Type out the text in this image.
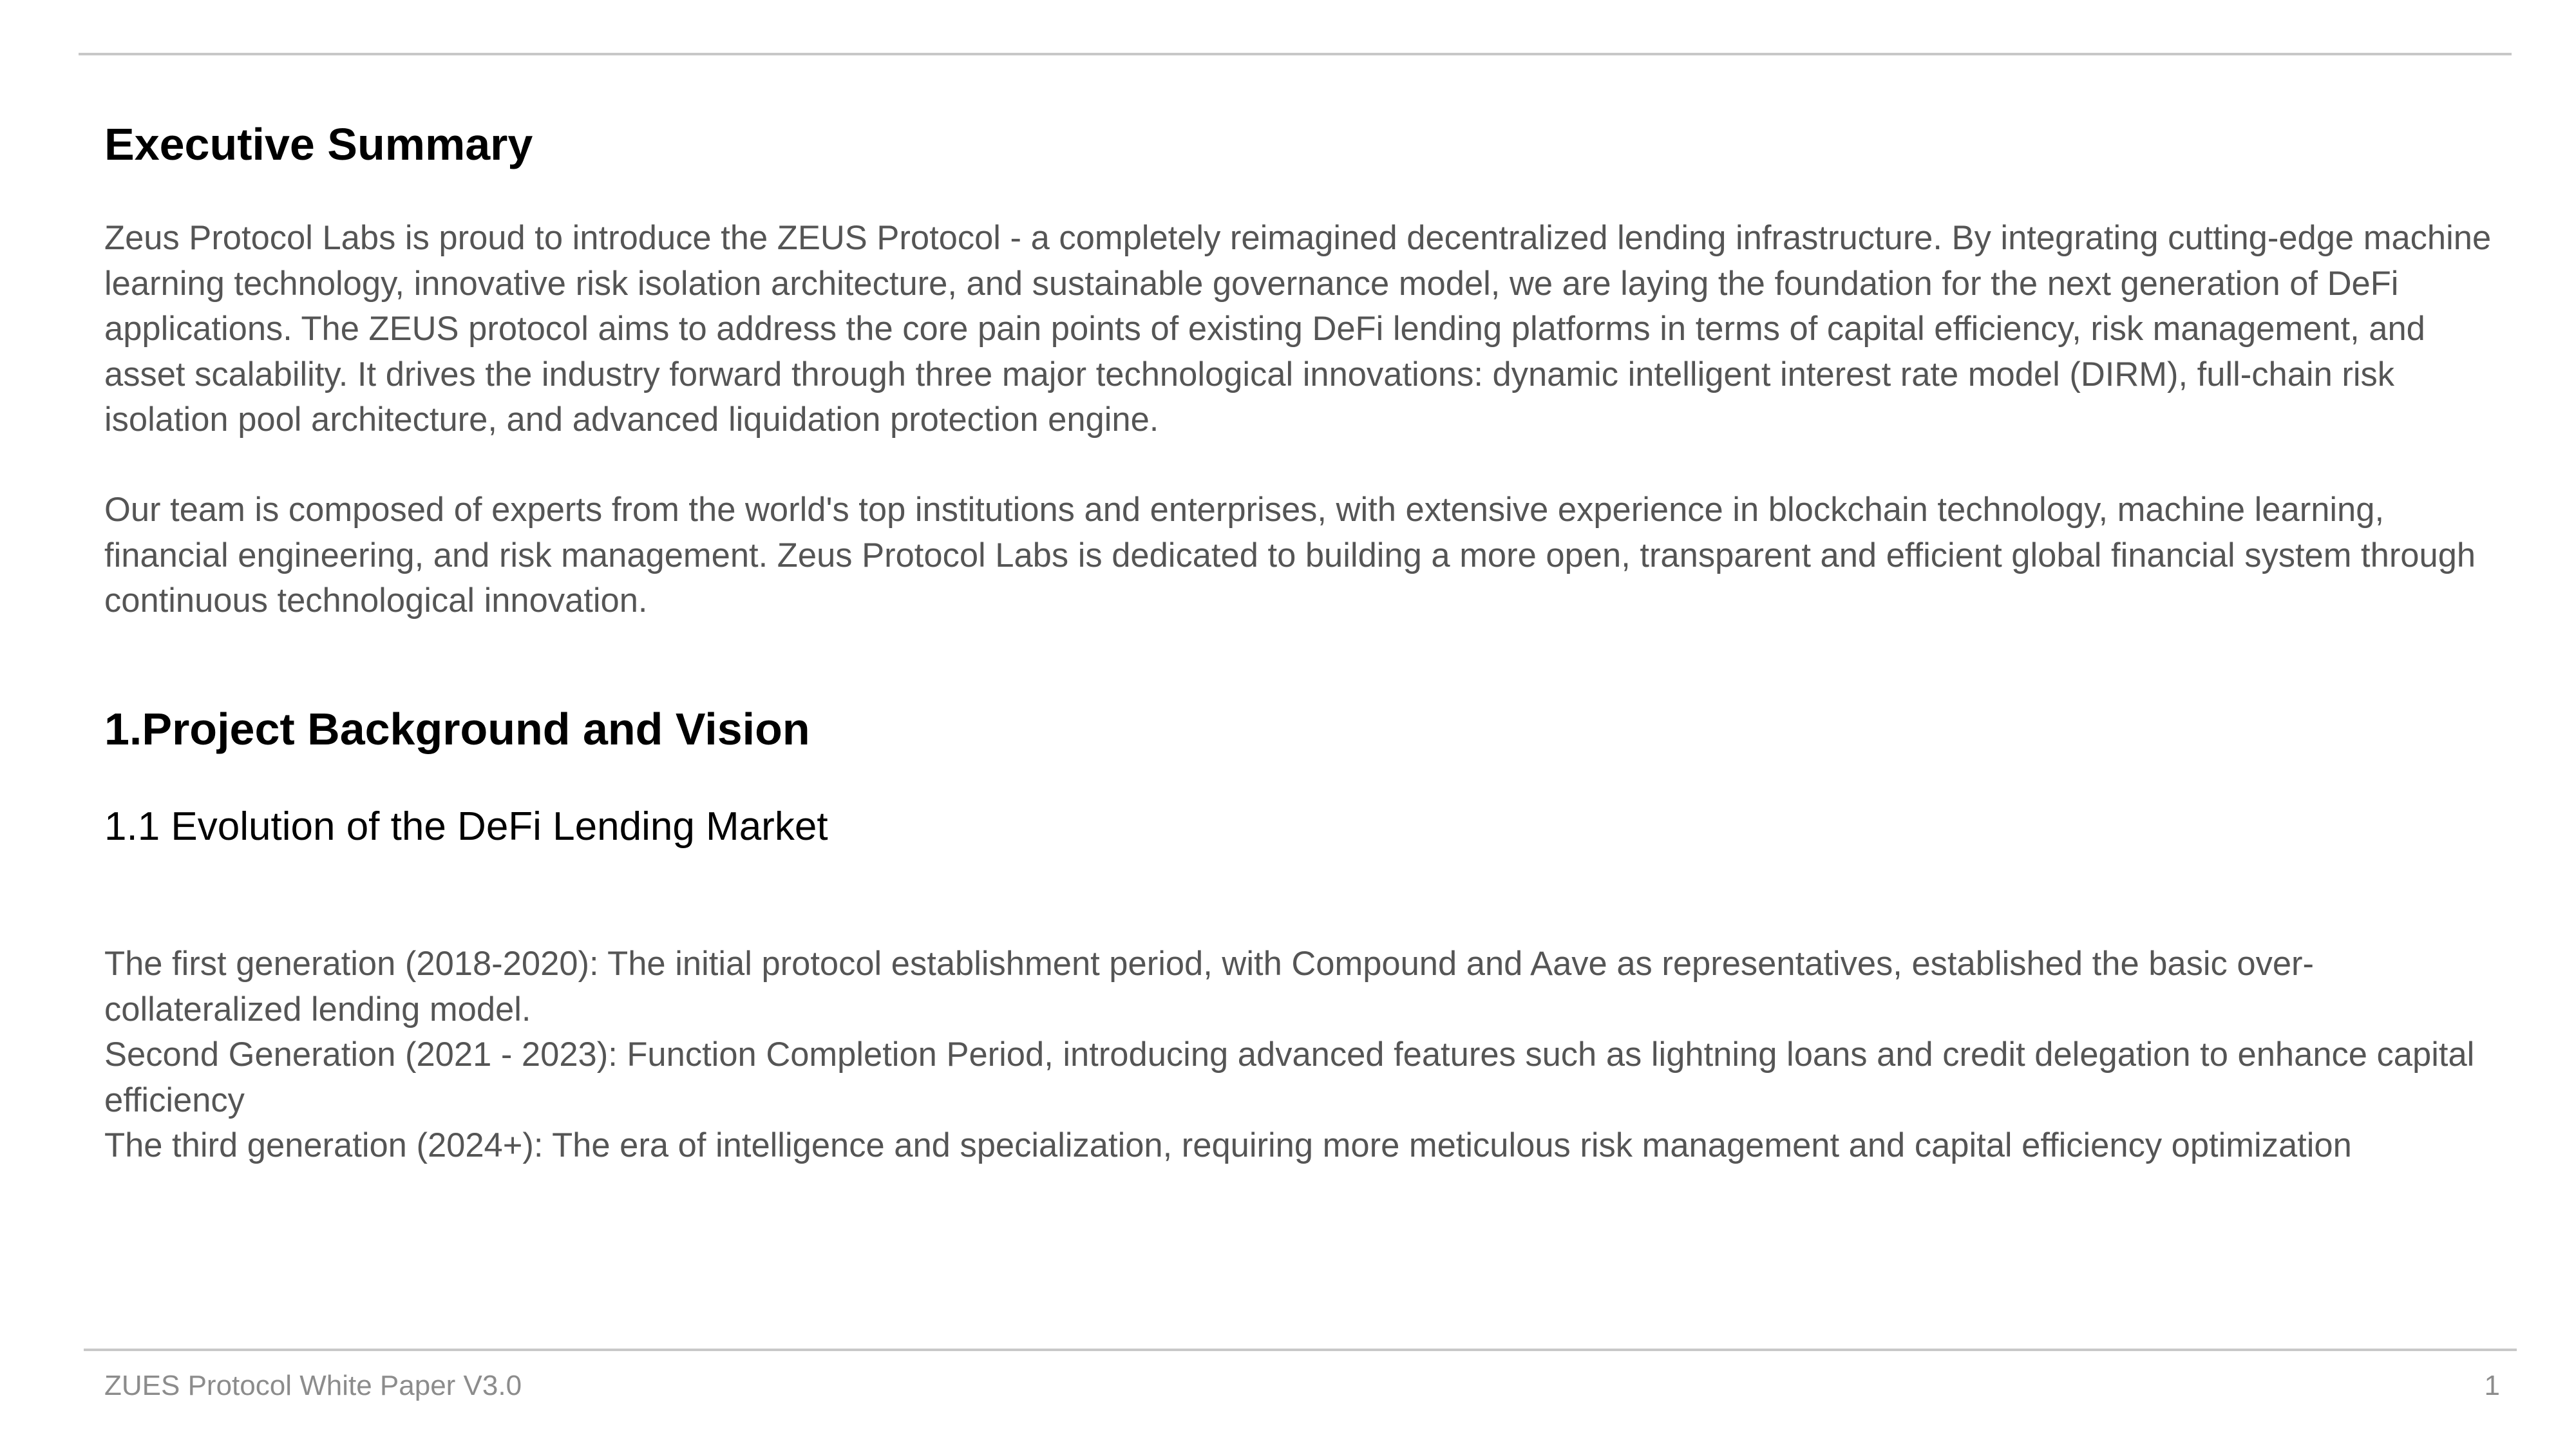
Executive Summary

Zeus Protocol Labs is proud to introduce the ZEUS Protocol - a completely reimagined decentralized lending infrastructure. By integrating cutting-edge machine learning technology, innovative risk isolation architecture, and sustainable governance model, we are laying the foundation for the next generation of DeFi applications. The ZEUS protocol aims to address the core pain points of existing DeFi lending platforms in terms of capital efficiency, risk management, and asset scalability. It drives the industry forward through three major technological innovations: dynamic intelligent interest rate model (DIRM), full-chain risk isolation pool architecture, and advanced liquidation protection engine.

Our team is composed of experts from the world's top institutions and enterprises, with extensive experience in blockchain technology, machine learning, financial engineering, and risk management. Zeus Protocol Labs is dedicated to building a more open, transparent and efficient global financial system through continuous technological innovation.

1.Project Background and Vision
1.1 Evolution of the DeFi Lending Market
The first generation (2018-2020): The initial protocol establishment period, with Compound and Aave as representatives, established the basic over-collateralized lending model.
Second Generation (2021 - 2023): Function Completion Period, introducing advanced features such as lightning loans and credit delegation to enhance capital efficiency
The third generation (2024+): The era of intelligence and specialization, requiring more meticulous risk management and capital efficiency optimization
ZUES Protocol White Paper V3.0	1
